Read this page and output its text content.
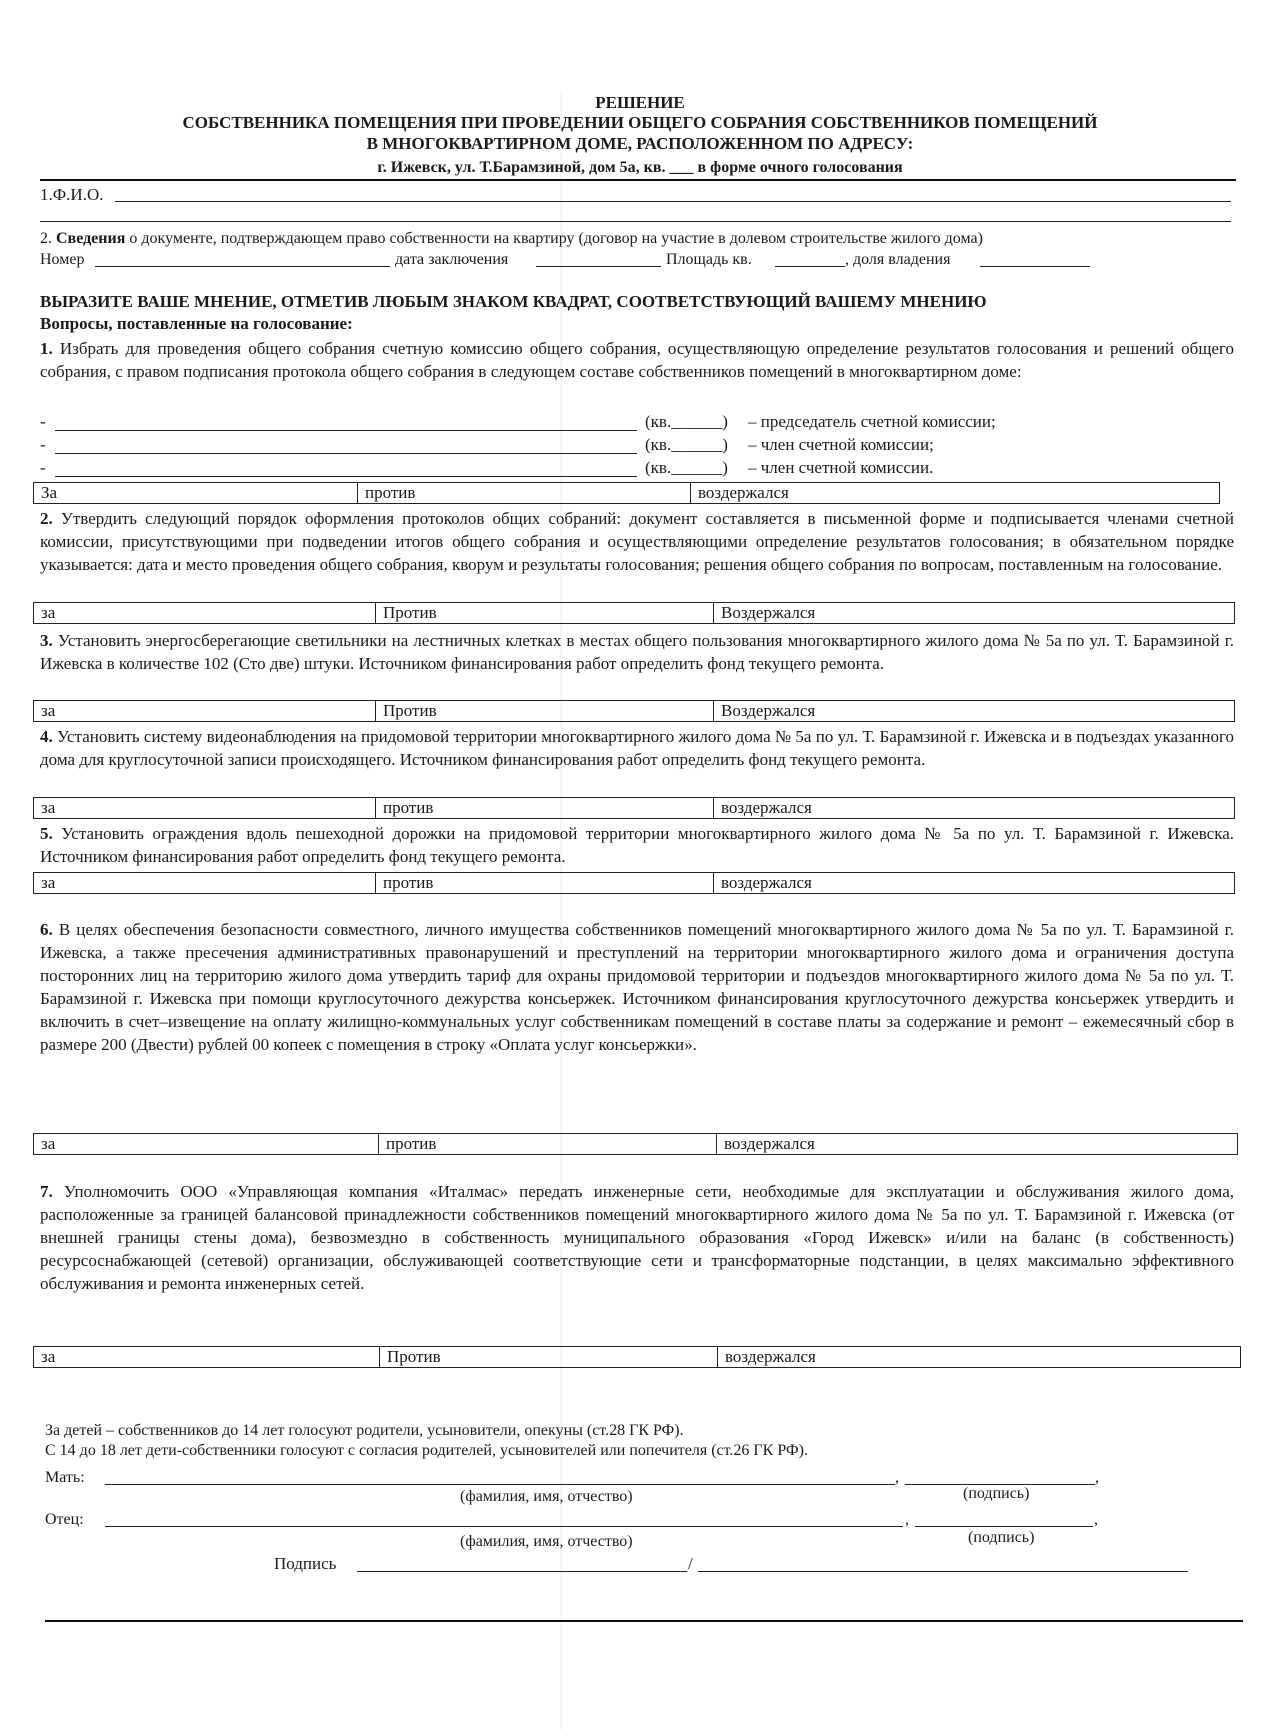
РЕШЕНИЕ
СОБСТВЕННИКА ПОМЕЩЕНИЯ ПРИ ПРОВЕДЕНИИ ОБЩЕГО СОБРАНИЯ СОБСТВЕННИКОВ ПОМЕЩЕНИЙ
В МНОГОКВАРТИРНОМ ДОМЕ, РАСПОЛОЖЕННОМ ПО АДРЕСУ:
г. Ижевск, ул. Т.Барамзиной, дом 5а, кв. ___ в форме очного голосования
1.Ф.И.О.
2. Сведения о документе, подтверждающем право собственности на квартиру (договор на участие в долевом строительстве жилого дома)
Номер	дата заключения	Площадь кв.	, доля владения
ВЫРАЗИТЕ ВАШЕ МНЕНИЕ, ОТМЕТИВ ЛЮБЫМ ЗНАКОМ КВАДРАТ, СООТВЕТСТВУЮЩИЙ ВАШЕМУ МНЕНИЮ
Вопросы, поставленные на голосование:

1. Избрать для проведения общего собрания счетную комиссию общего собрания, осуществляющую определение результатов голосования и решений общего собрания, с правом подписания протокола общего собрания в следующем составе собственников помещений в многоквартирном доме:

-	(кв.______) – председатель счетной комиссии;
-	(кв.______) – член счетной комиссии;
-	(кв.______) – член счетной комиссии.
За	против	воздержался

2. Утвердить следующий порядок оформления протоколов общих собраний: документ составляется в письменной форме и подписывается членами счетной комиссии, присутствующими при подведении итогов общего собрания и осуществляющими определение результатов голосования; в обязательном порядке указывается: дата и место проведения общего собрания, кворум и результаты голосования; решения общего собрания по вопросам, поставленным на голосование.

за	Против	Воздержался

3. Установить энергосберегающие светильники на лестничных клетках в местах общего пользования многоквартирного жилого дома № 5а по ул. Т. Барамзиной г. Ижевска в количестве 102 (Сто две) штуки. Источником финансирования работ определить фонд текущего ремонта.

за	Против	Воздержался

4. Установить систему видеонаблюдения на придомовой территории многоквартирного жилого дома № 5а по ул. Т. Барамзиной г. Ижевска и в подъездах указанного дома для круглосуточной записи происходящего. Источником финансирования работ определить фонд текущего ремонта.

за	против	воздержался

5. Установить ограждения вдоль пешеходной дорожки на придомовой территории многоквартирного жилого дома № 5а по ул. Т. Барамзиной г. Ижевска. Источником финансирования работ определить фонд текущего ремонта.

за	против	воздержался

6. В целях обеспечения безопасности совместного, личного имущества собственников помещений многоквартирного жилого дома № 5а по ул. Т. Барамзиной г. Ижевска, а также пресечения административных правонарушений и преступлений на территории многоквартирного жилого дома и ограничения доступа посторонних лиц на территорию жилого дома утвердить тариф для охраны придомовой территории и подъездов многоквартирного жилого дома № 5а по ул. Т. Барамзиной г. Ижевска при помощи круглосуточного дежурства консьержек. Источником финансирования круглосуточного дежурства консьержек утвердить и включить в счет–извещение на оплату жилищно-коммунальных услуг собственникам помещений в составе платы за содержание и ремонт – ежемесячный сбор в размере 200 (Двести) рублей 00 копеек с помещения в строку «Оплата услуг консьержки».

за	против	воздержался

7. Уполномочить ООО «Управляющая компания «Италмас» передать инженерные сети, необходимые для эксплуатации и обслуживания жилого дома, расположенные за границей балансовой принадлежности собственников помещений многоквартирного жилого дома № 5а по ул. Т. Барамзиной г. Ижевска (от внешней границы стены дома), безвозмездно в собственность муниципального образования «Город Ижевск» и/или на баланс (в собственность) ресурсоснабжающей (сетевой) организации, обслуживающей соответствующие сети и трансформаторные подстанции, в целях максимально эффективного обслуживания и ремонта инженерных сетей.

за	Против	воздержался
За детей – собственников до 14 лет голосуют родители, усыновители, опекуны (ст.28 ГК РФ).
С 14 до 18 лет дети-собственники голосуют с согласия родителей, усыновителей или попечителя (ст.26 ГК РФ).
Мать:	,	,
(фамилия, имя, отчество)	(подпись)
Отец:	,	,
(фамилия, имя, отчество)	(подпись)
Подпись	/
